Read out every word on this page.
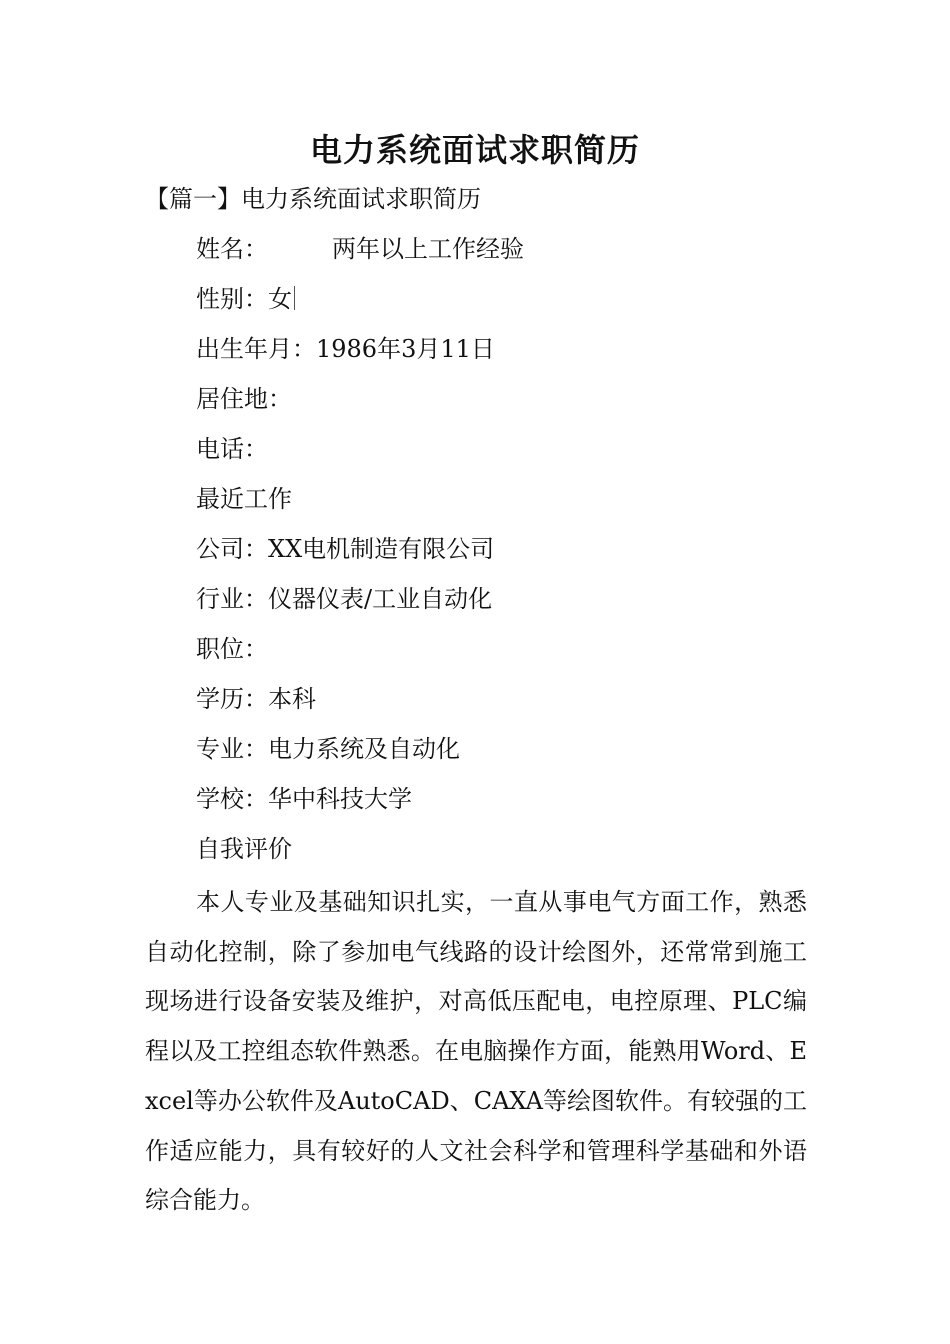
电力系统面试求职简历
【篇一】电力系统面试求职简历
姓名：	两年以上工作经验
性别：女
出生年月：1986年3月11日
居住地：
电话：
最近工作
公司：XX电机制造有限公司
行业：仪器仪表/工业自动化
职位：
学历：本科
专业：电力系统及自动化
学校：华中科技大学
自我评价

本人专业及基础知识扎实，一直从事电气方面工作，熟悉自动化控制，除了参加电气线路的设计绘图外，还常常到施工现场进行设备安装及维护，对高低压配电，电控原理、PLC编程以及工控组态软件熟悉。在电脑操作方面，能熟用Word、Excel等办公软件及AutoCAD、CAXA等绘图软件。有较强的工作适应能力，具有较好的人文社会科学和管理科学基础和外语综合能力。
